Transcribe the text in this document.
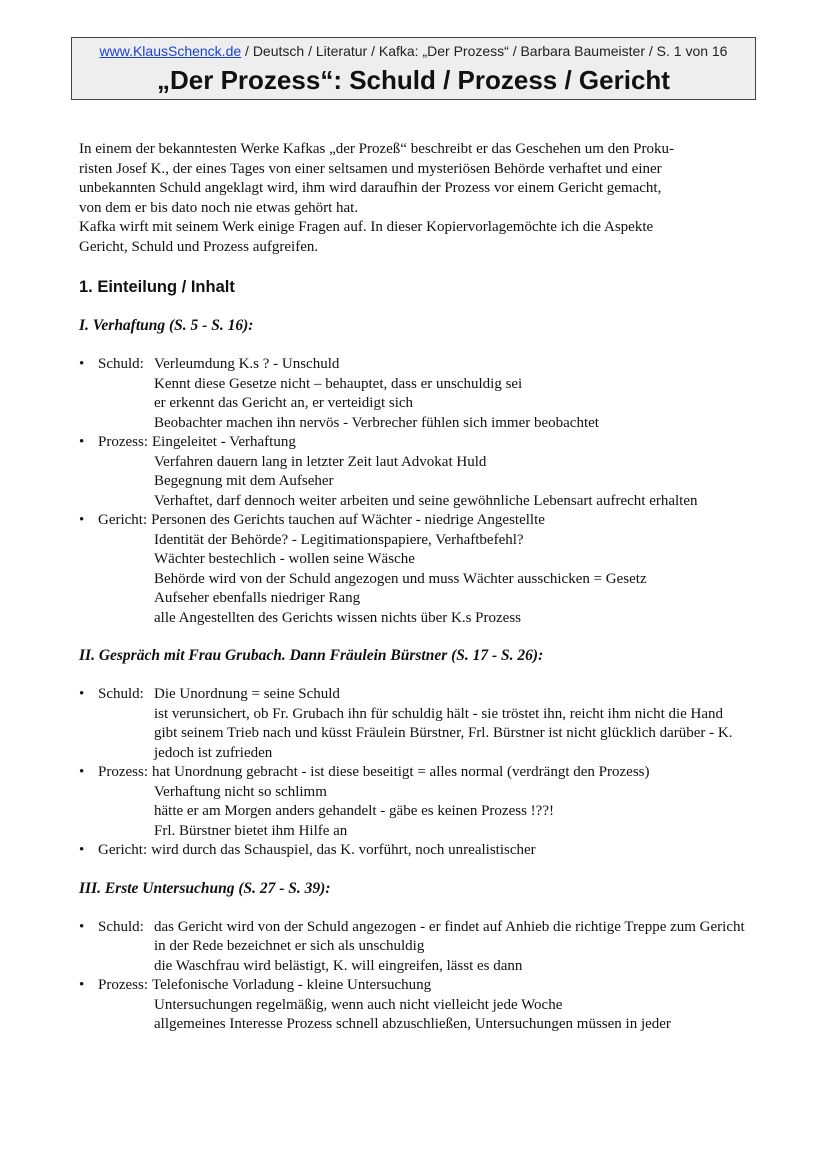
www.KlausSchenck.de / Deutsch / Literatur / Kafka: „Der Prozess“ / Barbara Baumeister / S. 1 von 16
„Der Prozess“: Schuld / Prozess / Gericht

In einem der bekanntesten Werke Kafkas „der Prozeß“ beschreibt er das Geschehen um den Proku-

risten Josef K., der eines Tages von einer seltsamen und mysteriösen Behörde verhaftet und einer

unbekannten Schuld angeklagt wird, ihm wird daraufhin der Prozess vor einem Gericht gemacht,

von dem er bis dato noch nie etwas gehört hat.

Kafka wirft mit seinem Werk einige Fragen auf. In dieser Kopiervorlagemöchte ich die Aspekte

Gericht, Schuld und Prozess aufgreifen.

1. Einteilung / Inhalt
I. Verhaftung (S. 5 - S. 16):
• Schuld: Verleumdung K.s ? - Unschuld
Kennt diese Gesetze nicht – behauptet, dass er unschuldig sei
er erkennt das Gericht an, er verteidigt sich
Beobachter machen ihn nervös - Verbrecher fühlen sich immer beobachtet
• Prozess: Eingeleitet - Verhaftung
Verfahren dauern lang in letzter Zeit laut Advokat Huld
Begegnung mit dem Aufseher
Verhaftet, darf dennoch weiter arbeiten und seine gewöhnliche Lebensart aufrecht erhalten
• Gericht: Personen des Gerichts tauchen auf Wächter - niedrige Angestellte
Identität der Behörde? - Legitimationspapiere, Verhaftbefehl?
Wächter bestechlich - wollen seine Wäsche
Behörde wird von der Schuld angezogen und muss Wächter ausschicken = Gesetz
Aufseher ebenfalls niedriger Rang
alle Angestellten des Gerichts wissen nichts über K.s Prozess
II. Gespräch mit Frau Grubach. Dann Fräulein Bürstner (S. 17 - S. 26):
• Schuld: Die Unordnung = seine Schuld
ist verunsichert, ob Fr. Grubach ihn für schuldig hält - sie tröstet ihn, reicht ihm nicht die Hand
gibt seinem Trieb nach und küsst Fräulein Bürstner, Frl. Bürstner ist nicht glücklich darüber - K. jedoch ist zufrieden
• Prozess: hat Unordnung gebracht - ist diese beseitigt = alles normal (verdrängt den Prozess)
Verhaftung nicht so schlimm
hätte er am Morgen anders gehandelt - gäbe es keinen Prozess !??!
Frl. Bürstner bietet ihm Hilfe an
• Gericht: wird durch das Schauspiel, das K. vorführt, noch unrealistischer
III. Erste Untersuchung (S. 27 - S. 39):
• Schuld: das Gericht wird von der Schuld angezogen - er findet auf Anhieb die richtige Treppe zum Gericht
in der Rede bezeichnet er sich als unschuldig
die Waschfrau wird belästigt, K. will eingreifen, lässt es dann
• Prozess: Telefonische Vorladung - kleine Untersuchung
Untersuchungen regelmäßig, wenn auch nicht vielleicht jede Woche
allgemeines Interesse Prozess schnell abzuschließen, Untersuchungen müssen in jeder
